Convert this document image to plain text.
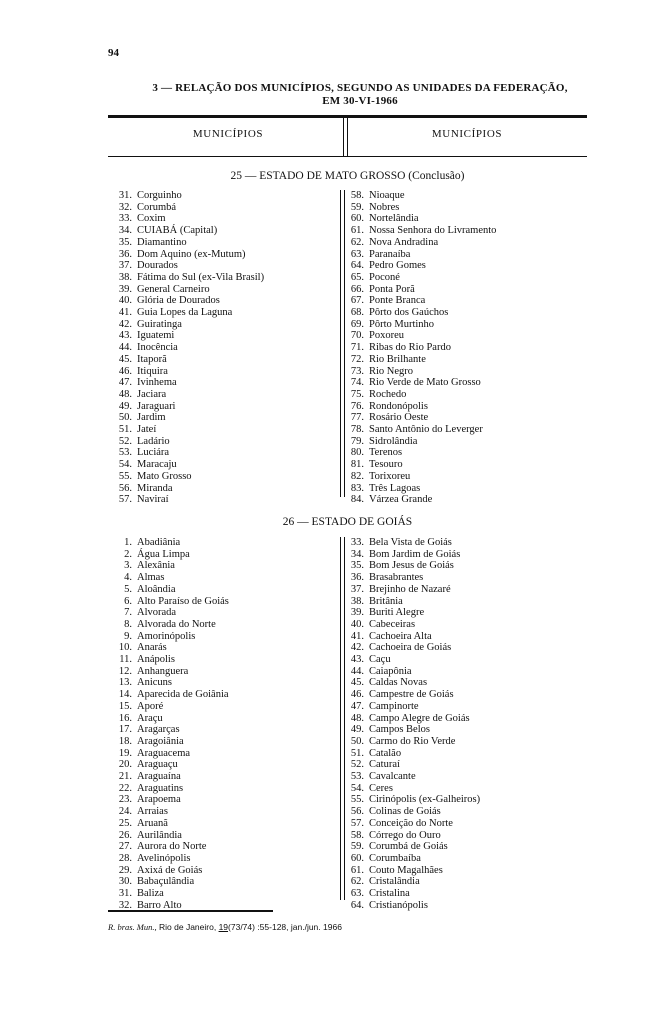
94
3 — RELAÇÃO DOS MUNICÍPIOS, SEGUNDO AS UNIDADES DA FEDERAÇÃO,
EM 30-VI-1966
MUNICÍPIOS	MUNICÍPIOS
25 — ESTADO DE MATO GROSSO (Conclusão)
31. Corguinho
32. Corumbá
33. Coxim
34. CUIABÁ (Capital)
35. Diamantino
36. Dom Aquino (ex-Mutum)
37. Dourados
38. Fátima do Sul (ex-Vila Brasil)
39. General Carneiro
40. Glória de Dourados
41. Guia Lopes da Laguna
42. Guiratinga
43. Iguatemi
44. Inocência
45. Itaporã
46. Itiquira
47. Ivinhema
48. Jaciara
49. Jaraguari
50. Jardim
51. Jateí
52. Ladário
53. Luciára
54. Maracaju
55. Mato Grosso
56. Miranda
57. Naviraí
58. Nioaque
59. Nobres
60. Nortelândia
61. Nossa Senhora do Livramento
62. Nova Andradina
63. Paranaíba
64. Pedro Gomes
65. Poconé
66. Ponta Porã
67. Ponte Branca
68. Pôrto dos Gaúchos
69. Pôrto Murtinho
70. Poxoreu
71. Ribas do Rio Pardo
72. Rio Brilhante
73. Rio Negro
74. Rio Verde de Mato Grosso
75. Rochedo
76. Rondonópolis
77. Rosário Oeste
78. Santo Antônio do Leverger
79. Sidrolândia
80. Terenos
81. Tesouro
82. Torixoreu
83. Três Lagoas
84. Várzea Grande
26 — ESTADO DE GOIÁS
1. Abadiânia
2. Água Limpa
3. Alexânia
4. Almas
5. Aloândia
6. Alto Paraíso de Goiás
7. Alvorada
8. Alvorada do Norte
9. Amorinópolis
10. Anarás
11. Anápolis
12. Anhanguera
13. Anicuns
14. Aparecida de Goiânia
15. Aporé
16. Araçu
17. Aragarças
18. Aragoiânia
19. Araguacema
20. Araguaçu
21. Araguaína
22. Araguatins
23. Arapoema
24. Arraias
25. Aruanã
26. Aurilândia
27. Aurora do Norte
28. Avelinópolis
29. Axixá de Goiás
30. Babaçulândia
31. Baliza
32. Barro Alto
33. Bela Vista de Goiás
34. Bom Jardim de Goiás
35. Bom Jesus de Goiás
36. Brasabrantes
37. Brejinho de Nazaré
38. Britânia
39. Buriti Alegre
40. Cabeceiras
41. Cachoeira Alta
42. Cachoeira de Goiás
43. Caçu
44. Caiapônia
45. Caldas Novas
46. Campestre de Goiás
47. Campinorte
48. Campo Alegre de Goiás
49. Campos Belos
50. Carmo do Rio Verde
51. Catalão
52. Caturaí
53. Cavalcante
54. Ceres
55. Cirinópolis (ex-Galheiros)
56. Colinas de Goiás
57. Conceição do Norte
58. Córrego do Ouro
59. Corumbá de Goiás
60. Corumbaíba
61. Couto Magalhães
62. Cristalândia
63. Cristalina
64. Cristianópolis
R. bras. Mun., Rio de Janeiro, 19(73/74) :55-128, jan./jun. 1966
